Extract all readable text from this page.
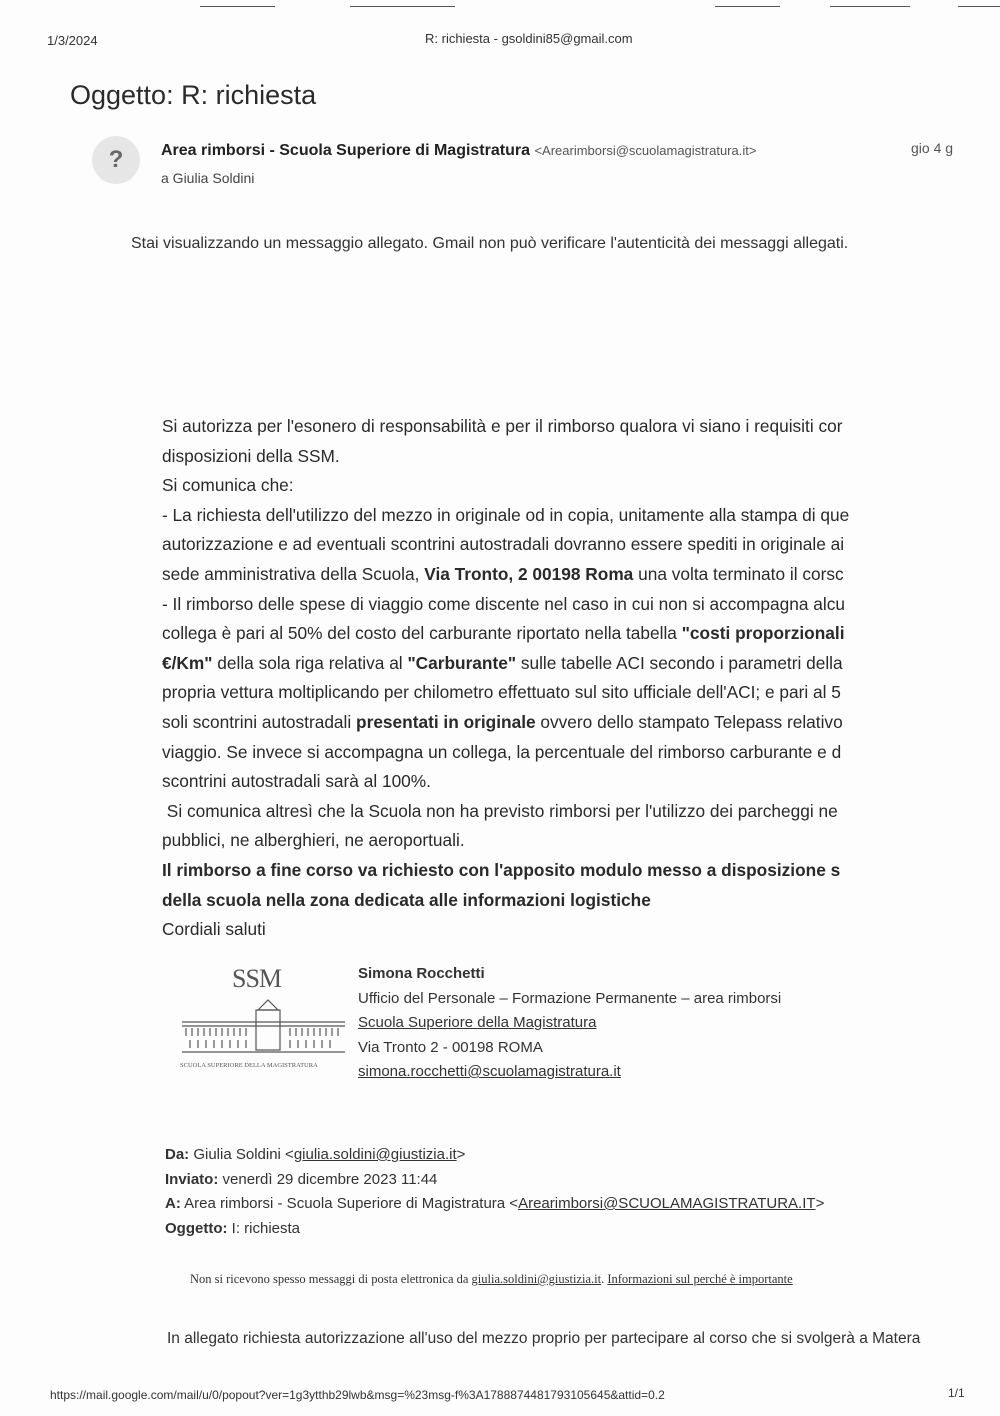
1/3/2024	R: richiesta - gsoldini85@gmail.com
Oggetto: R: richiesta
?	Area rimborsi - Scuola Superiore di Magistratura <Arearimborsi@scuolamagistratura.it>
a Giulia Soldini
gio 4 g
Stai visualizzando un messaggio allegato. Gmail non può verificare l'autenticità dei messaggi allegati.
Si autorizza per l'esonero di responsabilità e per il rimborso qualora vi siano i requisiti cor
disposizioni della SSM.
Si comunica che:
- La richiesta dell'utilizzo del mezzo in originale od in copia, unitamente alla stampa di que
autorizzazione e ad eventuali scontrini autostradali dovranno essere spediti in originale ai
sede amministrativa della Scuola, Via Tronto, 2 00198 Roma una volta terminato il corsc
- Il rimborso delle spese di viaggio come discente nel caso in cui non si accompagna alcu
collega è pari al 50% del costo del carburante riportato nella tabella "costi proporzionali
€/Km" della sola riga relativa al "Carburante" sulle tabelle ACI secondo i parametri della
propria vettura moltiplicando per chilometro effettuato sul sito ufficiale dell'ACI; e pari al 5
soli scontrini autostradali presentati in originale ovvero dello stampato Telepass relativo
viaggio. Se invece si accompagna un collega, la percentuale del rimborso carburante e d
scontrini autostradali sarà al 100%.
Si comunica altresì che la Scuola non ha previsto rimborsi per l'utilizzo dei parcheggi ne
pubblici, ne alberghieri, ne aeroportuali.
Il rimborso a fine corso va richiesto con l'apposito modulo messo a disposizione s
della scuola nella zona dedicata alle informazioni logistiche
Cordiali saluti
SSM
SCUOLA SUPERIORE DELLA MAGISTRATURA
Simona Rocchetti
Ufficio del Personale – Formazione Permanente – area rimborsi
Scuola Superiore della Magistratura
Via Tronto 2 - 00198 ROMA
simona.rocchetti@scuolamagistratura.it
Da: Giulia Soldini <giulia.soldini@giustizia.it>
Inviato: venerdì 29 dicembre 2023 11:44
A: Area rimborsi - Scuola Superiore di Magistratura <Arearimborsi@SCUOLAMAGISTRATURA.IT>
Oggetto: I: richiesta
Non si ricevono spesso messaggi di posta elettronica da giulia.soldini@giustizia.it. Informazioni sul perché è importante
In allegato richiesta autorizzazione all'uso del mezzo proprio per partecipare al corso che si svolgerà a Matera
https://mail.google.com/mail/u/0/popout?ver=1g3ytthb29lwb&msg=%23msg-f%3A1788874481793105645&attid=0.2	1/1
